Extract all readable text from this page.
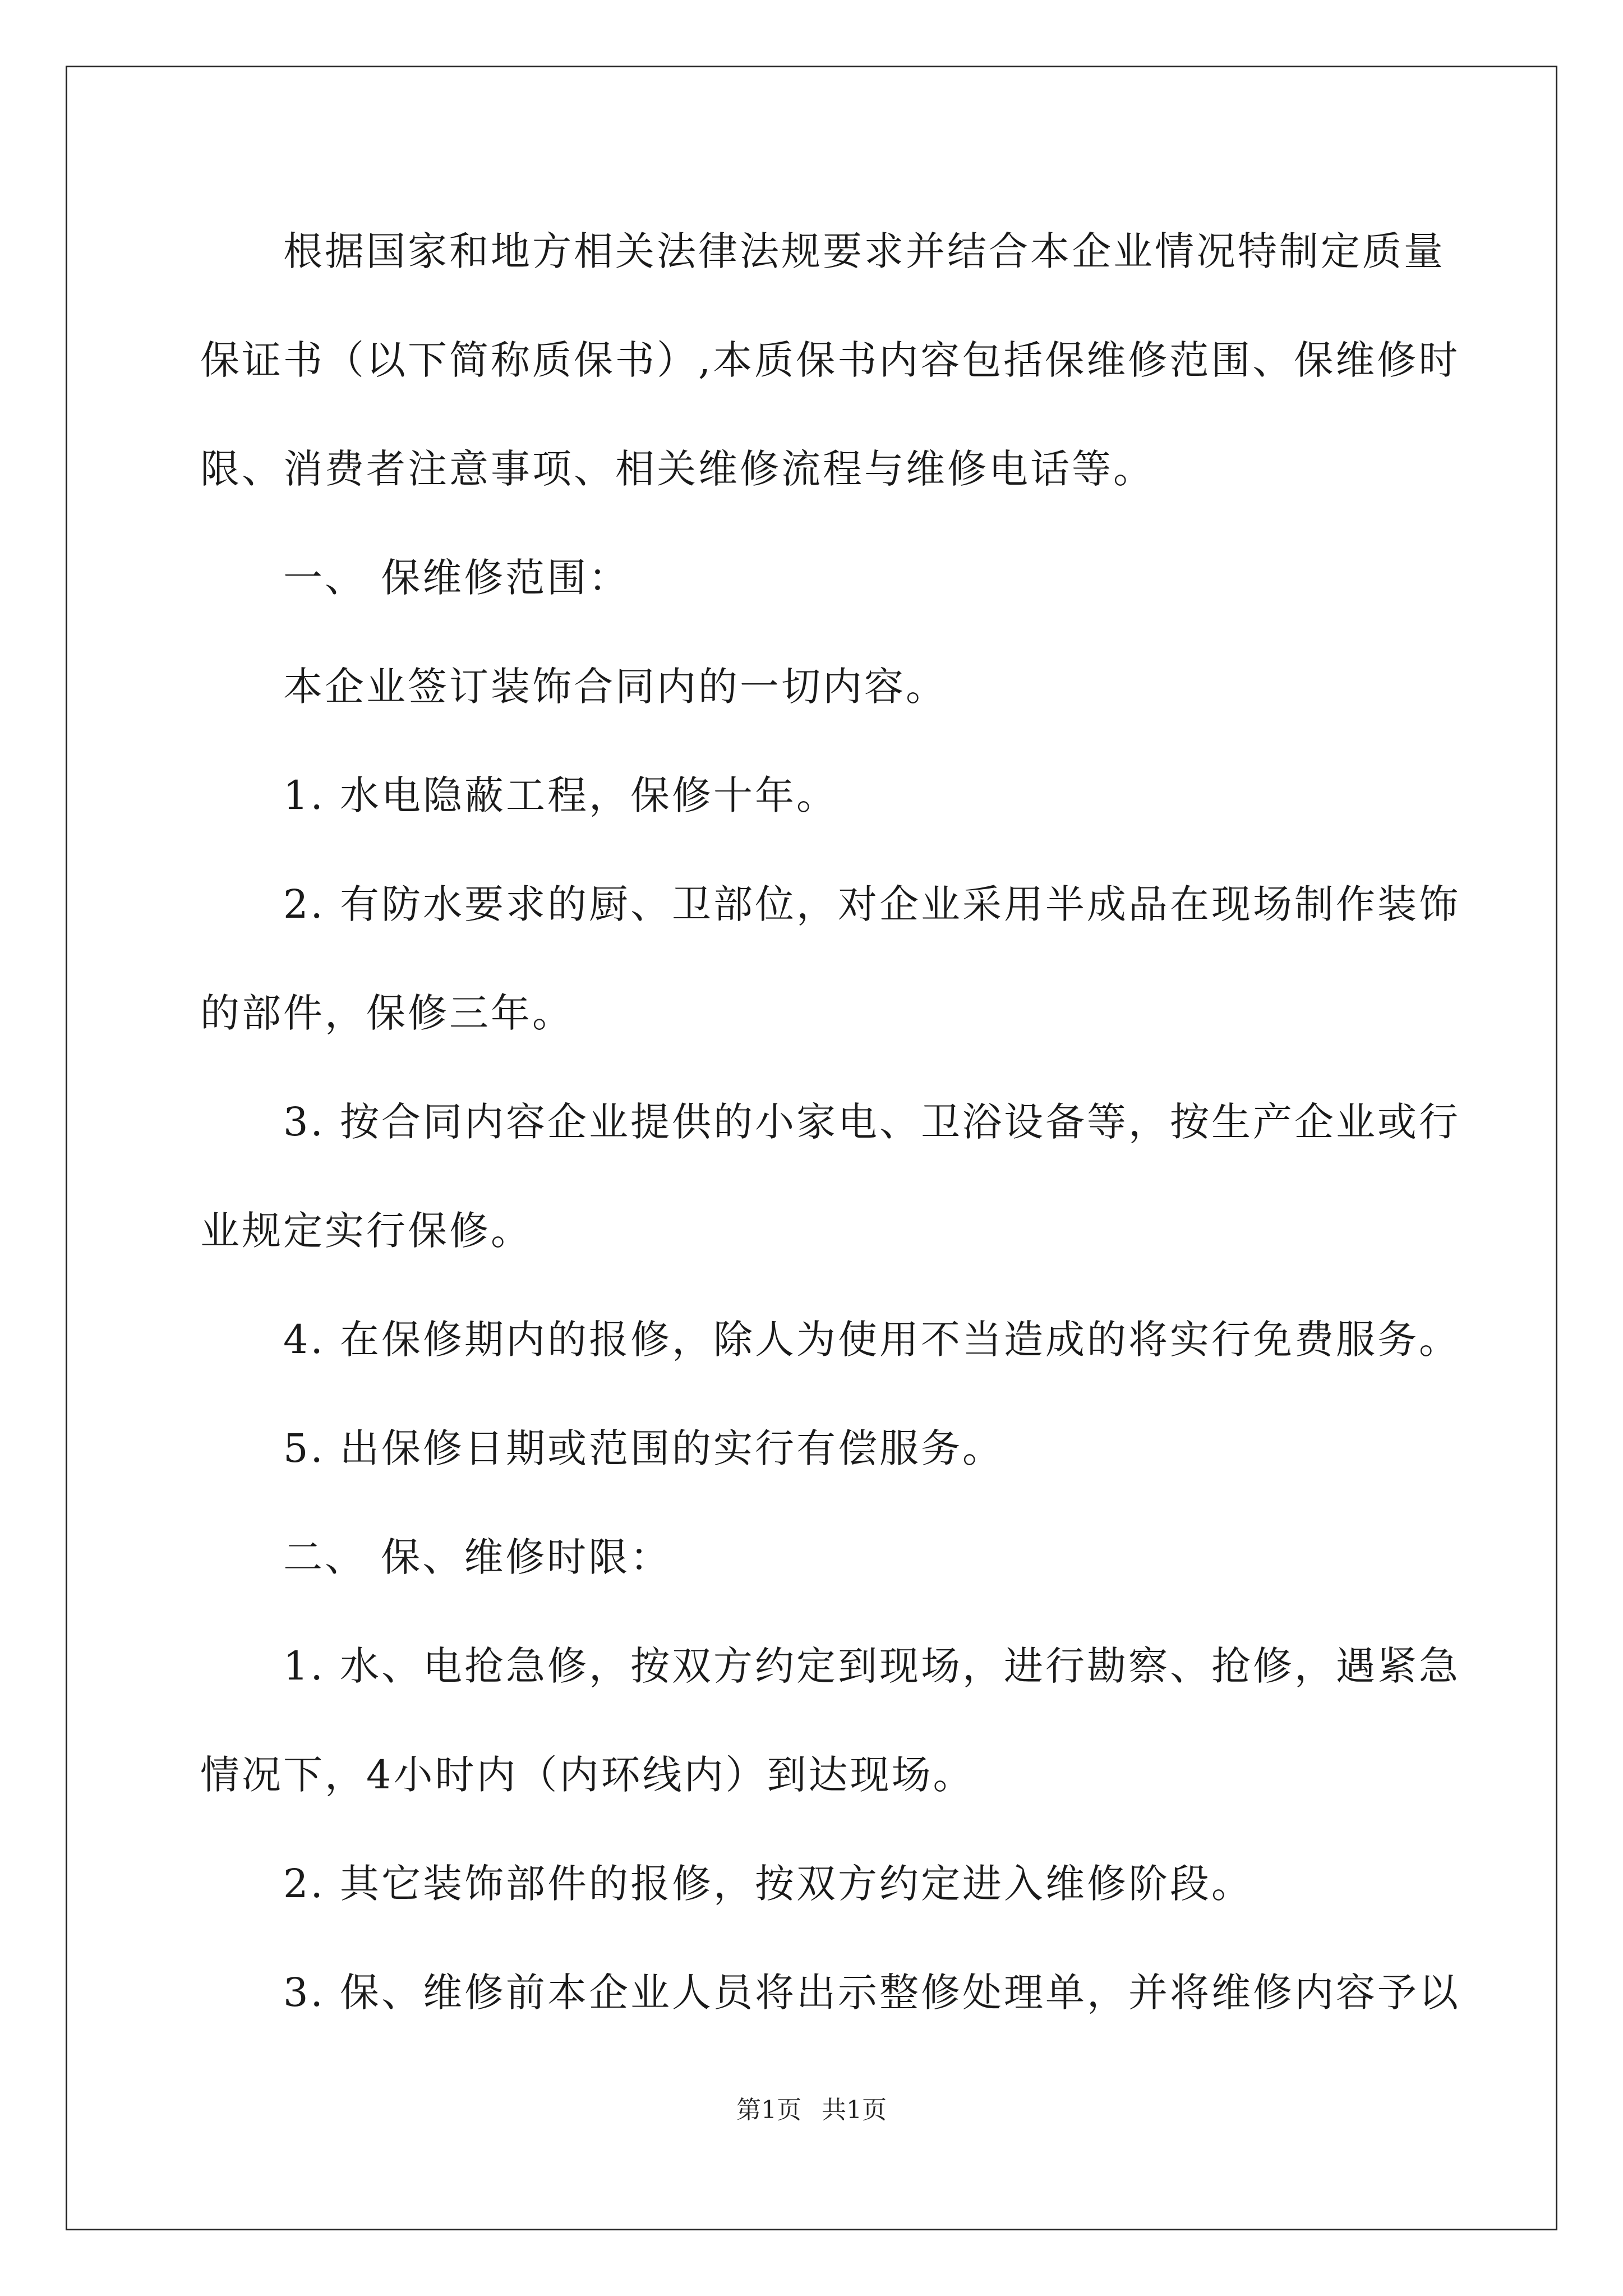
根据国家和地方相关法律法规要求并结合本企业情况特制定质量
保证书（以下简称质保书）,本质保书内容包括保维修范围、保维修时
限、消费者注意事项、相关维修流程与维修电话等。
一、 保维修范围：
本企业签订装饰合同内的一切内容。
1. 水电隐蔽工程，保修十年。
2. 有防水要求的厨、卫部位，对企业采用半成品在现场制作装饰
的部件，保修三年。
3. 按合同内容企业提供的小家电、卫浴设备等，按生产企业或行
业规定实行保修。
4. 在保修期内的报修，除人为使用不当造成的将实行免费服务。
5. 出保修日期或范围的实行有偿服务。
二、 保、维修时限：
1. 水、电抢急修，按双方约定到现场，进行勘察、抢修，遇紧急
情况下，4小时内（内环线内）到达现场。
2. 其它装饰部件的报修，按双方约定进入维修阶段。
3. 保、维修前本企业人员将出示整修处理单，并将维修内容予以
第1页 共1页
